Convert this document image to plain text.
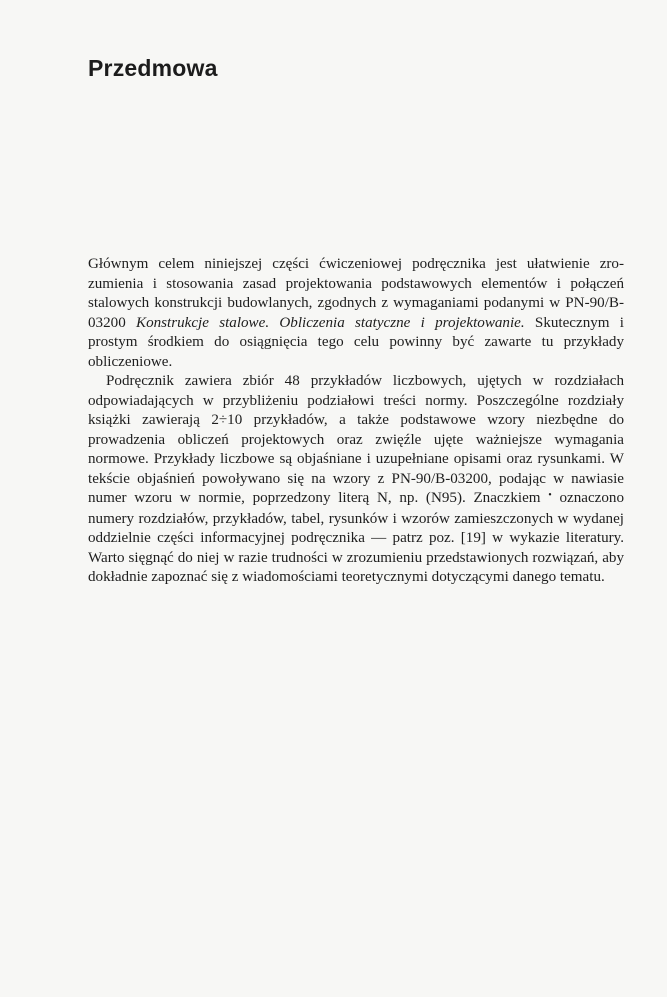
Przedmowa

Głównym celem niniejszej części ćwiczeniowej podręcznika jest ułatwienie zrozumienia i stosowania zasad projektowania podstawowych elementów i połączeń stalowych konstrukcji budowlanych, zgodnych z wymaganiami podanymi w PN-90/B-03200 Konstrukcje stalowe. Obliczenia statyczne i projektowanie. Skutecznym i prostym środkiem do osiągnięcia tego celu powinny być zawarte tu przykłady obliczeniowe.

Podręcznik zawiera zbiór 48 przykładów liczbowych, ujętych w rozdziałach odpowiadających w przybliżeniu podziałowi treści normy. Poszczególne rozdziały książki zawierają 2÷10 przykładów, a także podstawowe wzory niezbędne do prowadzenia obliczeń projektowych oraz zwięźle ujęte ważniejsze wymagania normowe. Przykłady liczbowe są objaśniane i uzupełniane opisami oraz rysunkami. W tekście objaśnień powoływano się na wzory z PN-90/B-03200, podając w nawiasie numer wzoru w normie, poprzedzony literą N, np. (N95). Znaczkiem • oznaczono numery rozdziałów, przykładów, tabel, rysunków i wzorów zamieszczonych w wydanej oddzielnie części informacyjnej podręcznika — patrz poz. [19] w wykazie literatury. Warto sięgnąć do niej w razie trudności w zrozumieniu przedstawionych rozwiązań, aby dokładnie zapoznać się z wiadomościami teoretycznymi dotyczącymi danego tematu.
